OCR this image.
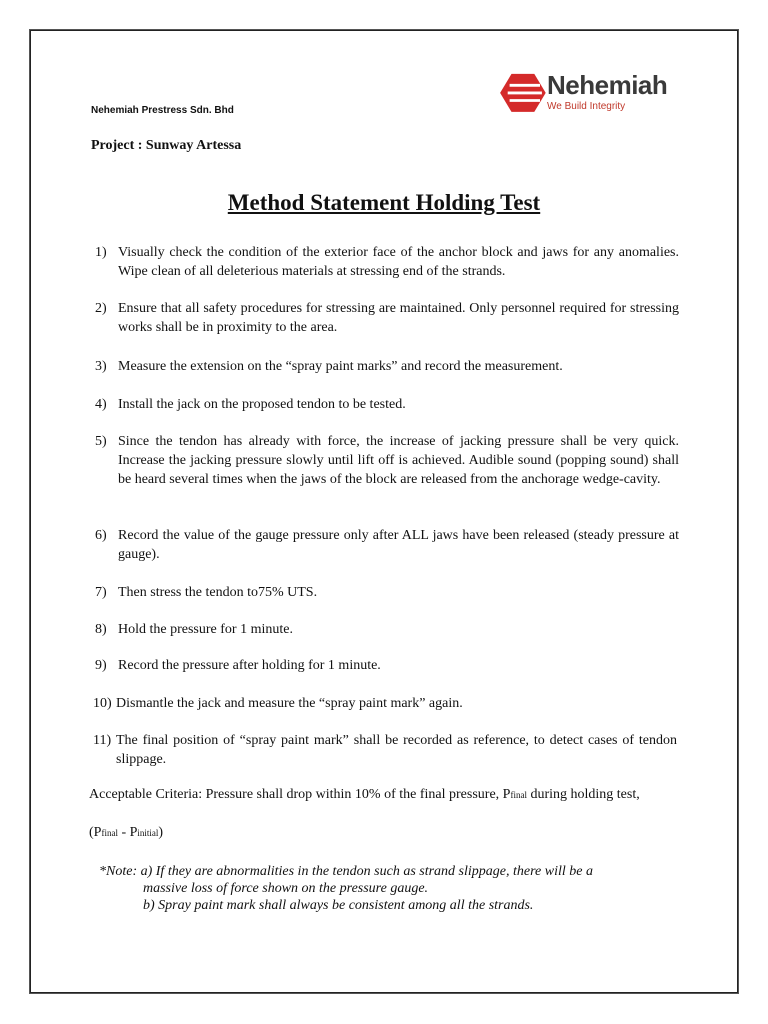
Nehemiah Prestress Sdn. Bhd
Nehemiah
We Build Integrity
Project : Sunway Artessa
Method Statement Holding Test
1) Visually check the condition of the exterior face of the anchor block and jaws for any anomalies. Wipe clean of all deleterious materials at stressing end of the strands.
2) Ensure that all safety procedures for stressing are maintained. Only personnel required for stressing works shall be in proximity to the area.
3) Measure the extension on the “spray paint marks” and record the measurement.
4) Install the jack on the proposed tendon to be tested.
5) Since the tendon has already with force, the increase of jacking pressure shall be very quick. Increase the jacking pressure slowly until lift off is achieved. Audible sound (popping sound) shall be heard several times when the jaws of the block are released from the anchorage wedge-cavity.
6) Record the value of the gauge pressure only after ALL jaws have been released (steady pressure at gauge).
7) Then stress the tendon to75% UTS.
8) Hold the pressure for 1 minute.
9) Record the pressure after holding for 1 minute.
10) Dismantle the jack and measure the “spray paint mark” again.
11) The final position of “spray paint mark” shall be recorded as reference, to detect cases of tendon slippage.
Acceptable Criteria: Pressure shall drop within 10% of the final pressure, Pfinal during holding test,
(Pfinal - Pinitial)
*Note: a) If they are abnormalities in the tendon such as strand slippage, there will be a
massive loss of force shown on the pressure gauge.
b) Spray paint mark shall always be consistent among all the strands.
